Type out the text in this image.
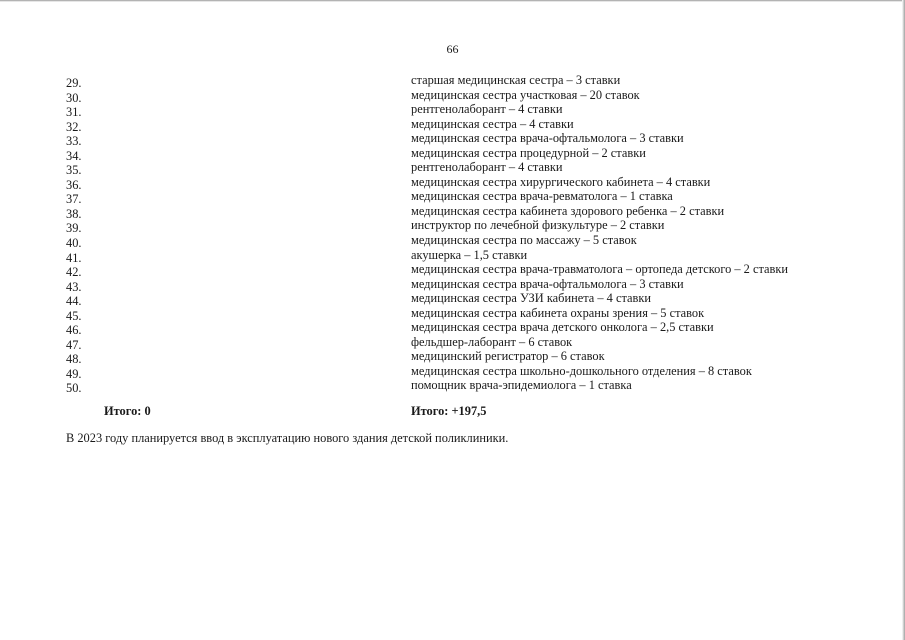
66
29.	старшая медицинская сестра – 3 ставки
30.	медицинская сестра участковая – 20 ставок
31.	рентгенолаборант – 4 ставки
32.	медицинская сестра – 4 ставки
33.	медицинская сестра врача-офтальмолога – 3 ставки
34.	медицинская сестра процедурной – 2 ставки
35.	рентгенолаборант – 4 ставки
36.	медицинская сестра хирургического кабинета – 4 ставки
37.	медицинская сестра врача-ревматолога – 1 ставка
38.	медицинская сестра кабинета здорового ребенка – 2 ставки
39.	инструктор по лечебной физкультуре – 2 ставки
40.	медицинская сестра по массажу – 5 ставок
41.	акушерка – 1,5 ставки
42.	медицинская сестра врача-травматолога – ортопеда детского – 2 ставки
43.	медицинская сестра врача-офтальмолога – 3 ставки
44.	медицинская сестра УЗИ кабинета – 4 ставки
45.	медицинская сестра кабинета охраны зрения – 5 ставок
46.	медицинская сестра врача детского онколога – 2,5 ставки
47.	фельдшер-лаборант – 6 ставок
48.	медицинский регистратор – 6 ставок
49.	медицинская сестра школьно-дошкольного отделения – 8 ставок
50.	помощник врача-эпидемиолога – 1 ставка
Итого: 0	Итого: +197,5
В 2023 году планируется ввод в эксплуатацию нового здания детской поликлиники.
